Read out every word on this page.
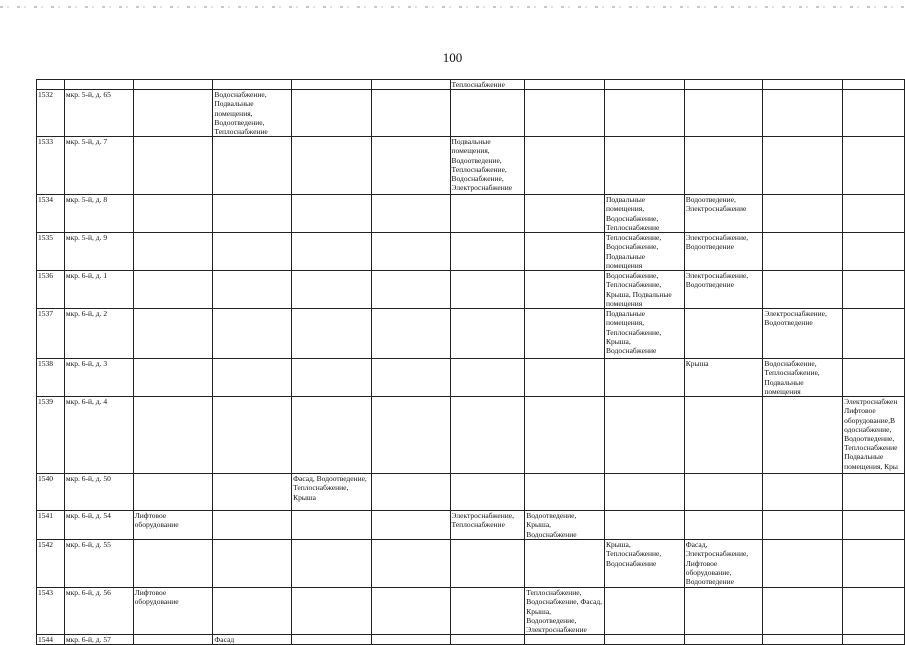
100
						Теплоснабжение					
1532	мкр. 5-й, д. 65		Водоснабжение, Подвальные помещения, Водоотведение, Теплоснабжение								
1533	мкр. 5-й, д. 7					Подвальные помещения, Водоотведение, Теплоснабжение, Водоснабжение, Электроснабжение					
1534	мкр. 5-й, д. 8							Подвальные помещения, Водоснабжение, Теплоснабжение	Водоотведение, Электроснабжение		
1535	мкр. 5-й, д. 9							Теплоснабжение, Водоснабжение, Подвальные помещения	Электроснабжение, Водоотведение		
1536	мкр. 6-й, д. 1							Водоснабжение, Теплоснабжение, Крыша, Подвальные помещения	Электроснабжение, Водоотведение		
1537	мкр. 6-й, д. 2							Подвальные помещения, Теплоснабжение, Крыша, Водоснабжение		Электроснабжение, Водоотведение	
1538	мкр. 6-й, д. 3								Крыша	Водоснабжение, Теплоснабжение, Подвальные помещения	
1539	мкр. 6-й, д. 4										Электроснабжен Лифтовое оборудование,В одоснабжение, Водоотведение, Теплоснабжение Подвальные помещения, Кры
1540	мкр. 6-й, д. 50			Фасад, Водоотведение, Теплоснабжение, Крыша							
1541	мкр. 6-й, д. 54	Лифтовое оборудование				Электроснабжение, Теплоснабжение	Водоотведение, Крыша, Водоснабжение				
1542	мкр. 6-й, д. 55							Крыша, Теплоснабжение, Водоснабжение	Фасад, Электроснабжение, Лифтовое оборудование, Водоотведение		
1543	мкр. 6-й, д. 56	Лифтовое оборудование					Теплоснабжение, Водоснабжение, Фасад, Крыша, Водоотведение, Электроснабжение				
1544	мкр. 6-й, д. 57		Фасад								
